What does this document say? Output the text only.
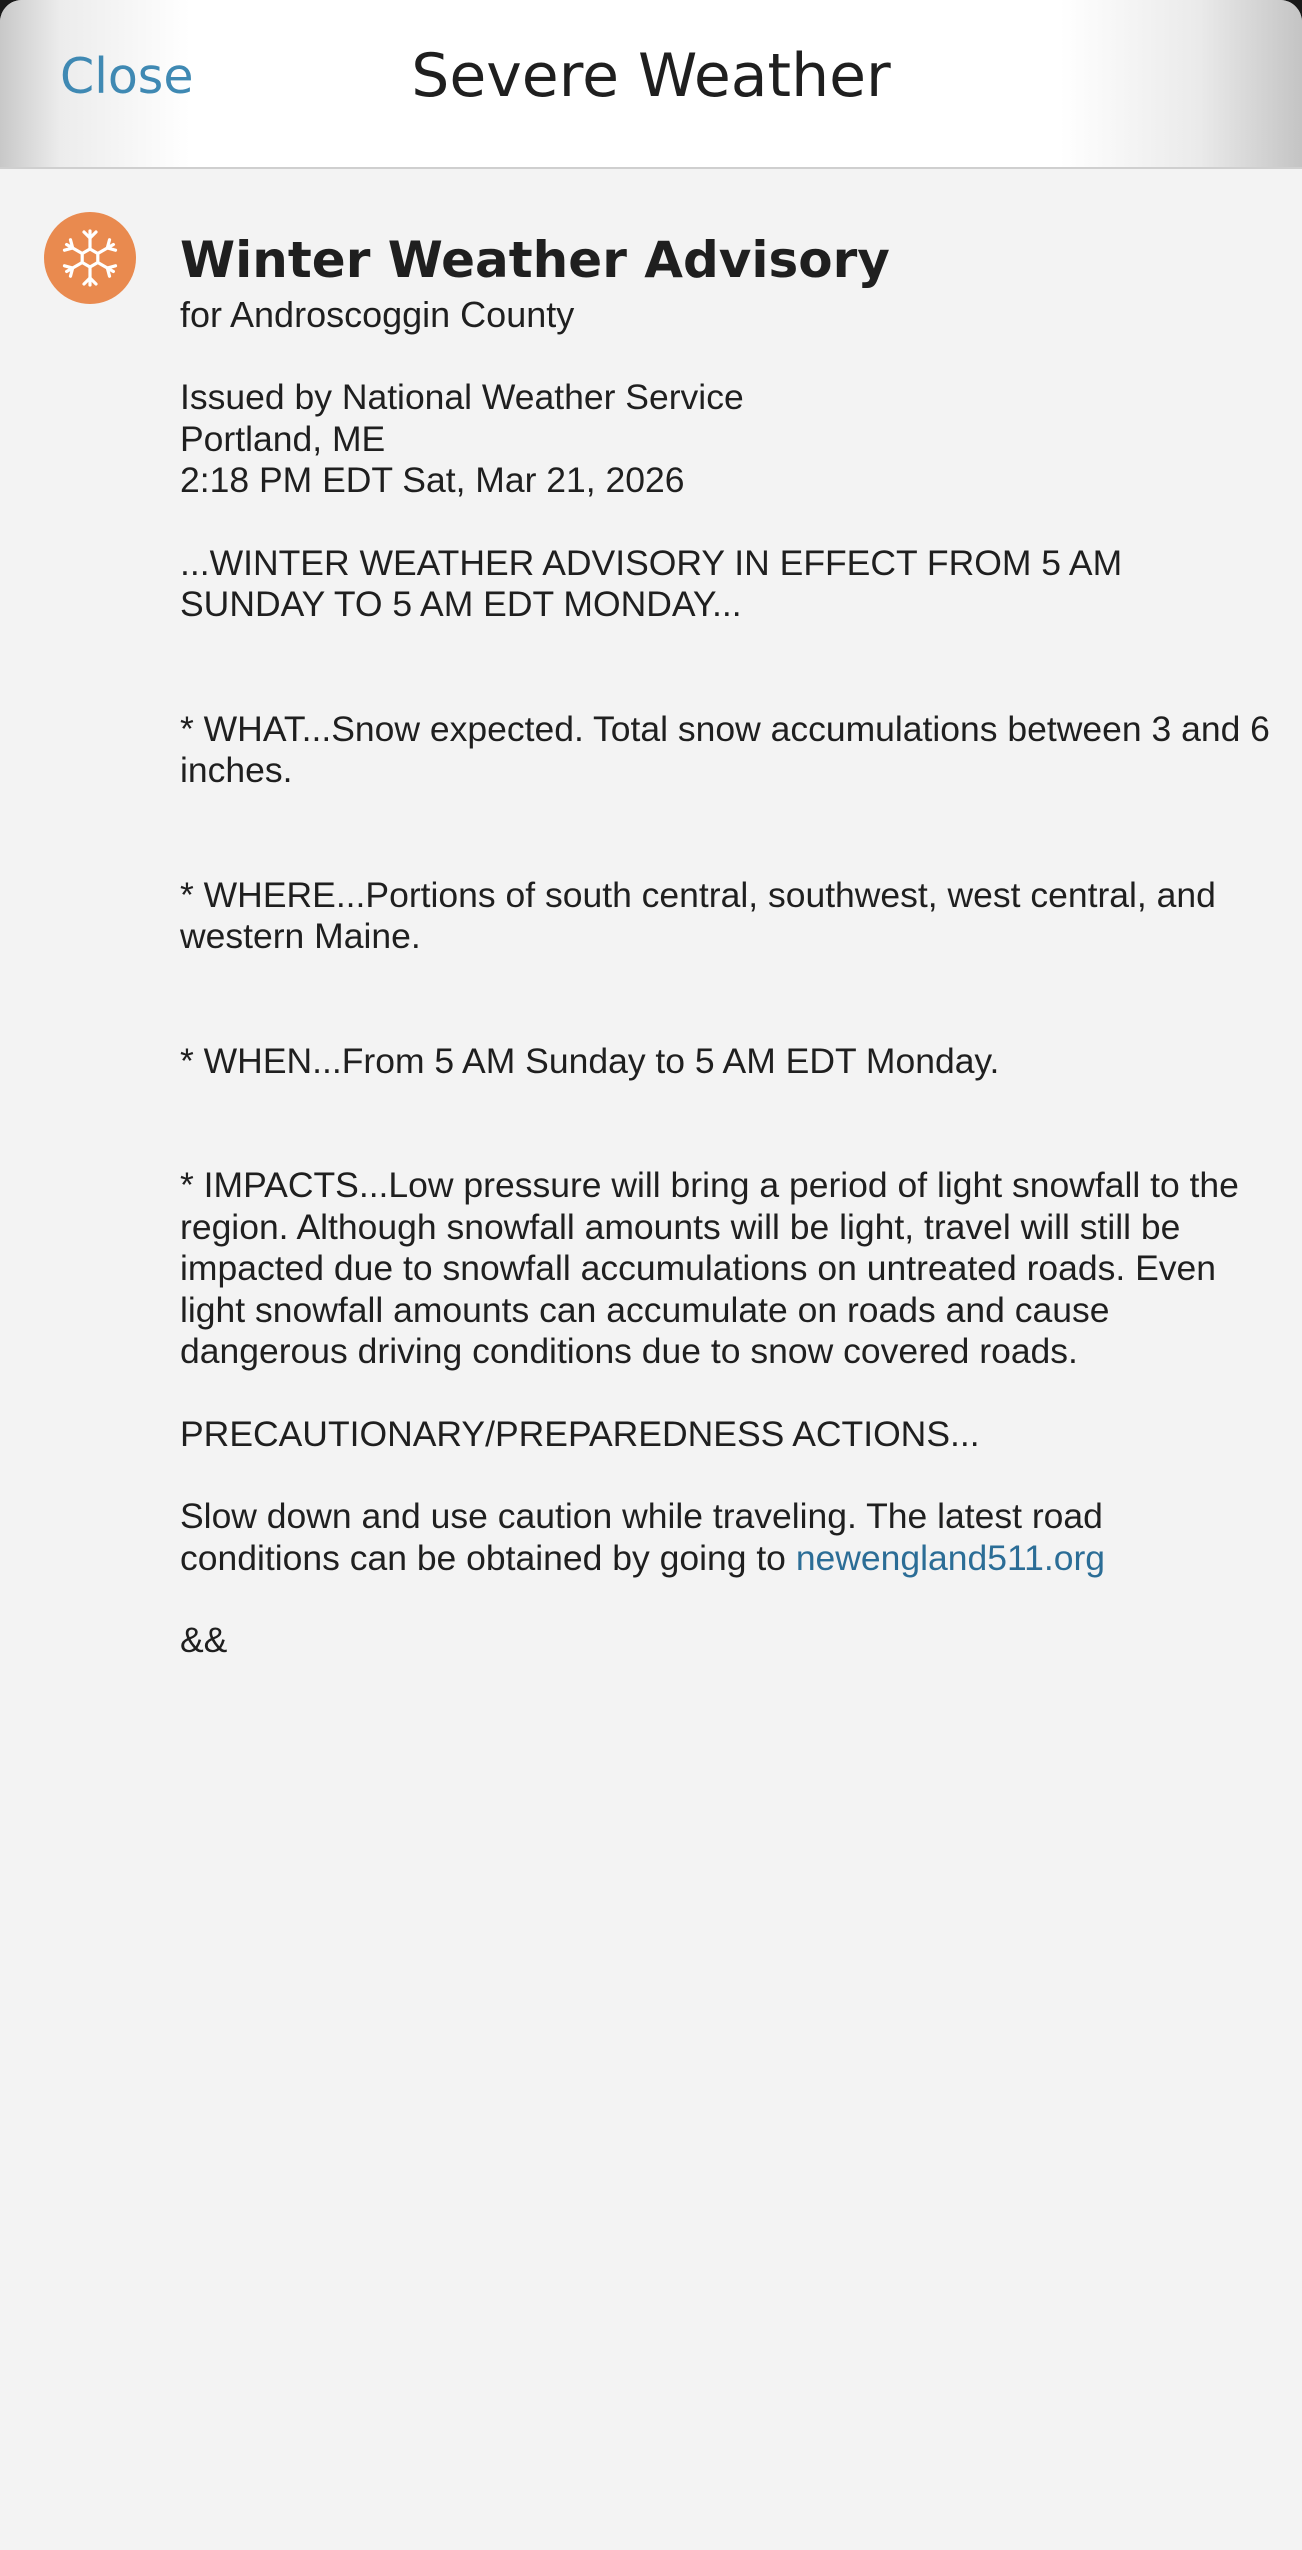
Close	Severe Weather
Winter Weather Advisory
for Androscoggin County

Issued by National Weather Service

Portland, ME

2:18 PM EDT Sat, Mar 21, 2026

...WINTER WEATHER ADVISORY IN EFFECT FROM 5 AM SUNDAY TO 5 AM EDT MONDAY...

* WHAT...Snow expected. Total snow accumulations between 3 and 6 inches.

* WHERE...Portions of south central, southwest, west central, and western Maine.

* WHEN...From 5 AM Sunday to 5 AM EDT Monday.

* IMPACTS...Low pressure will bring a period of light snowfall to the region. Although snowfall amounts will be light, travel will still be impacted due to snowfall accumulations on untreated roads. Even light snowfall amounts can accumulate on roads and cause dangerous driving conditions due to snow covered roads.

PRECAUTIONARY/PREPAREDNESS ACTIONS...

Slow down and use caution while traveling. The latest road conditions can be obtained by going to newengland511.org

&&
